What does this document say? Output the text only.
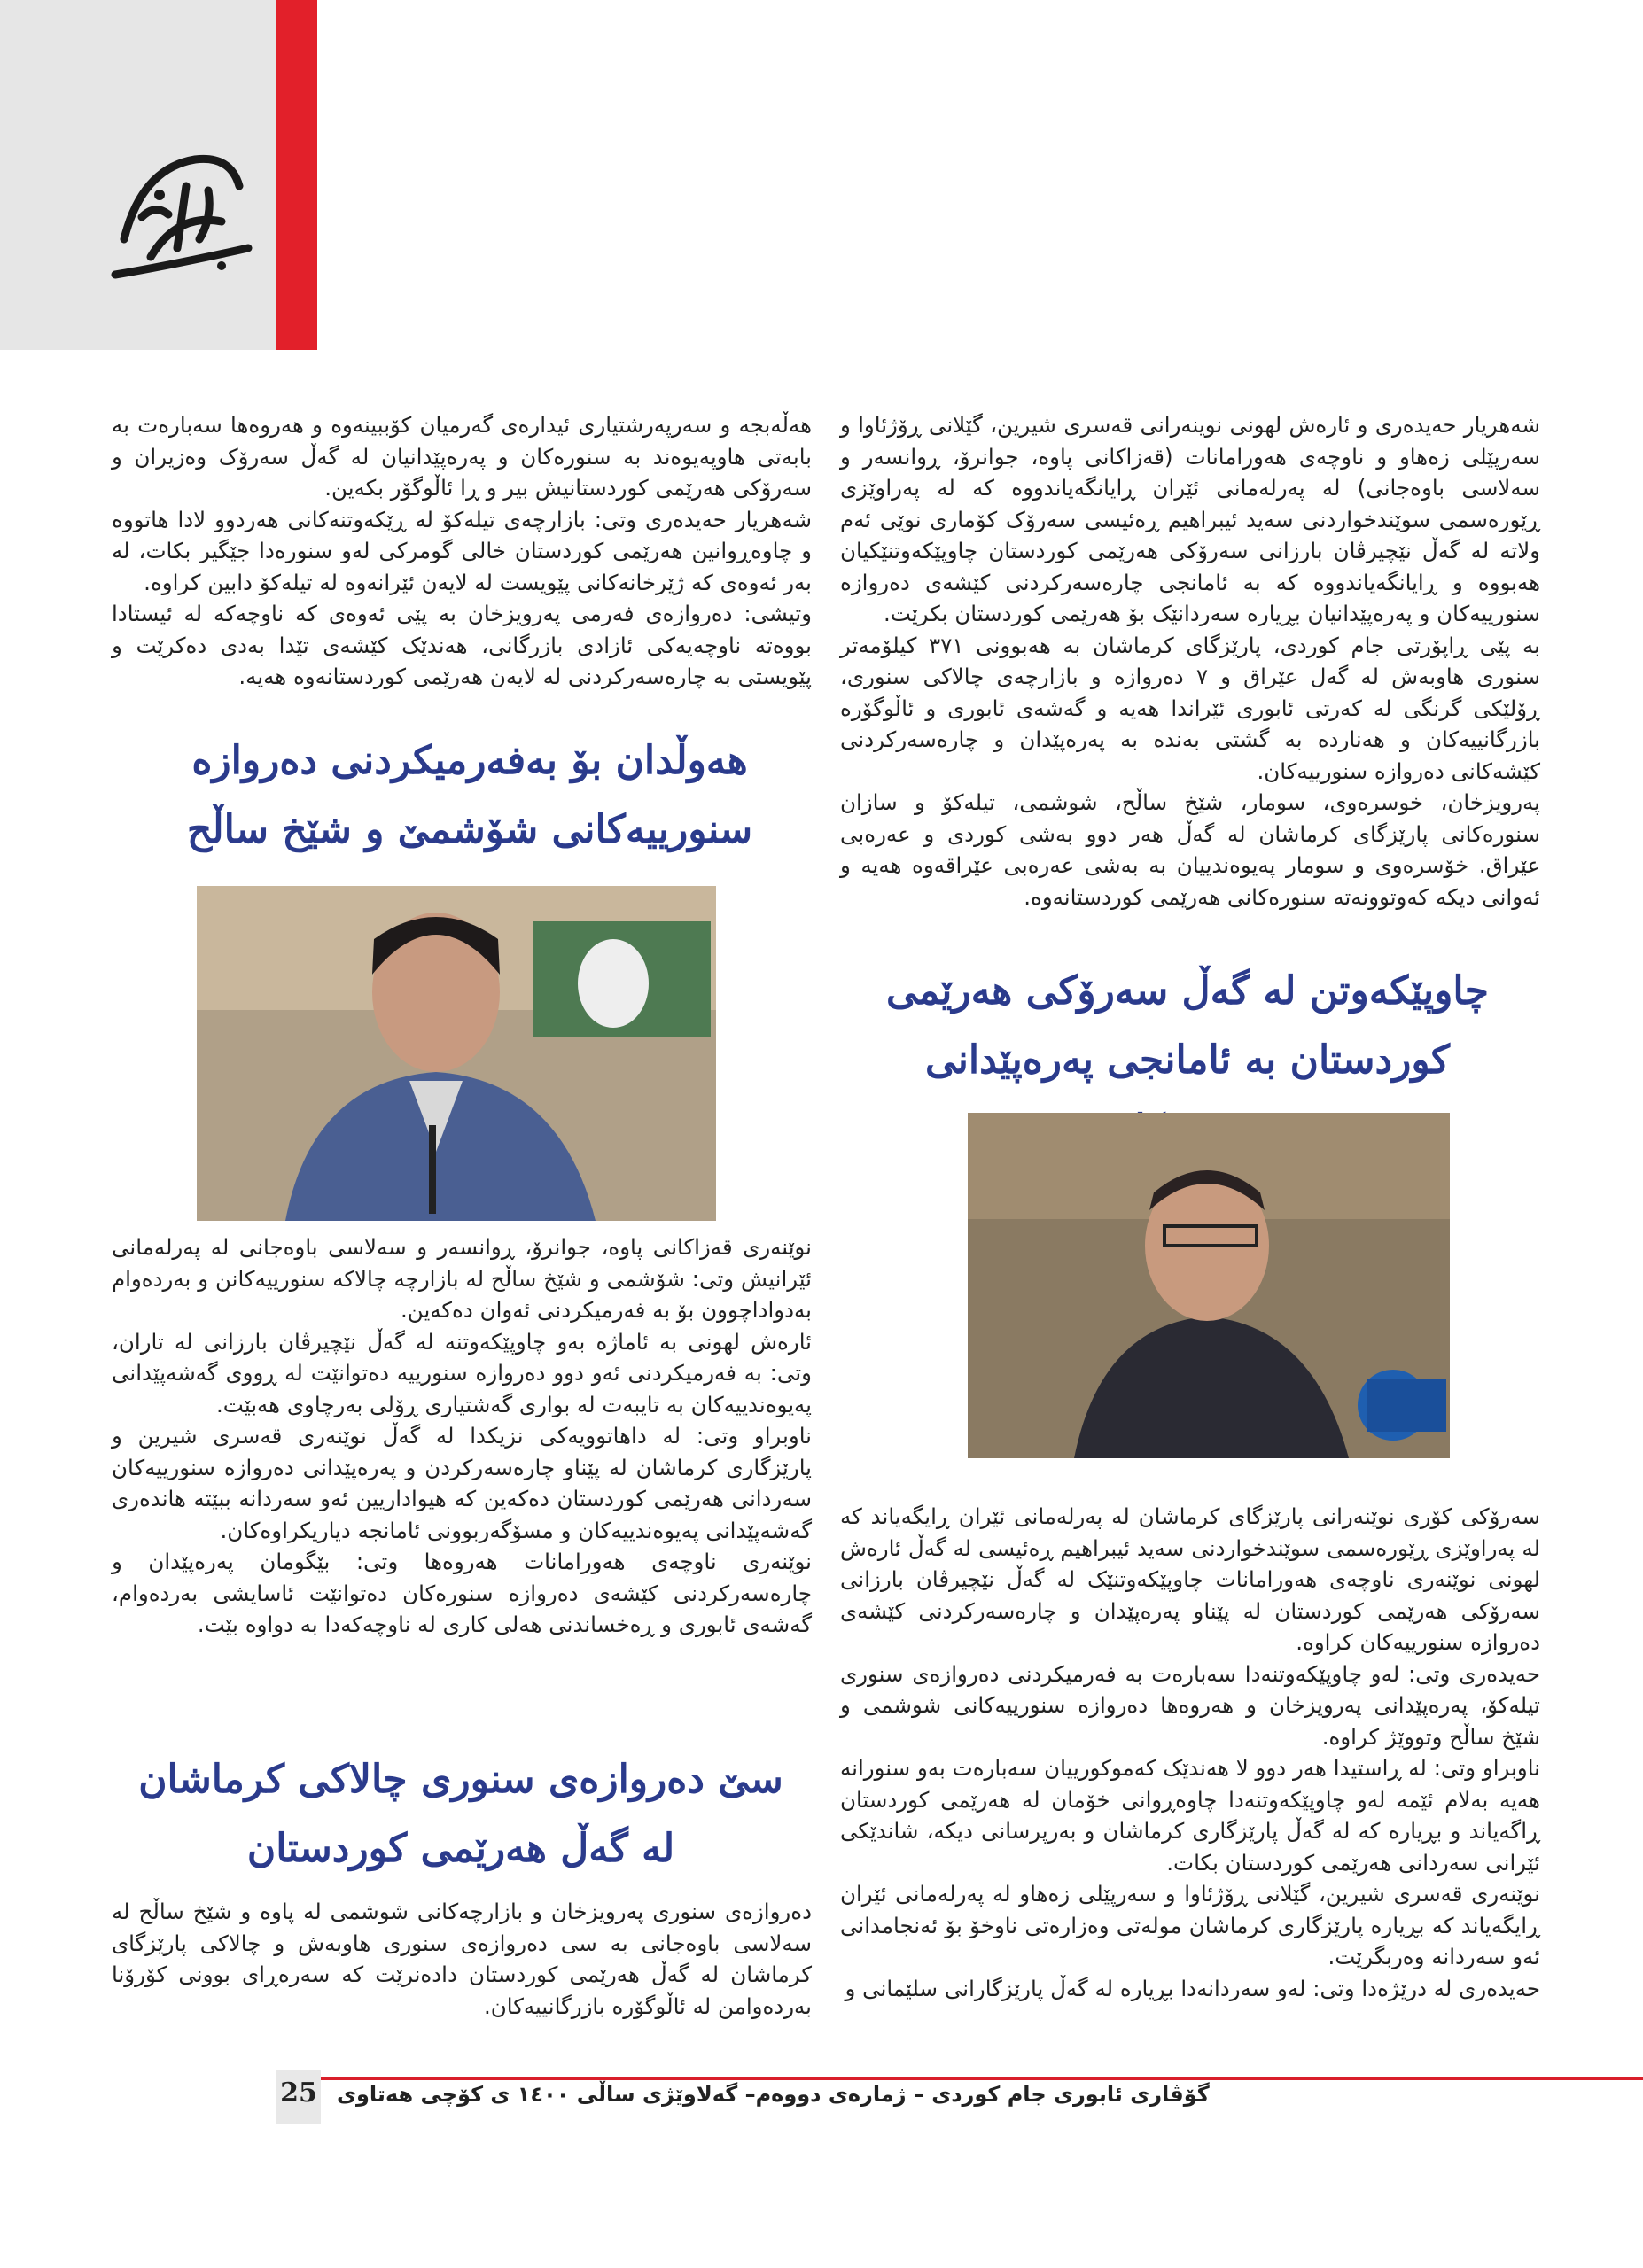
شەهریار حەیدەری و ئارەش لهونی نوینەرانی قەسری شیرین، گێلانی ڕۆژئاوا و سەرپێلی زەهاو و ناوچەی هەورامانات (قەزاکانی پاوە، جوانرۆ، ڕوانسەر و سەلاسی باوەجانی) لە پەرلەمانی ئێران ڕایانگەیاندووە کە لە پەراوێزی ڕێورەسمی سوێندخواردنی سەید ئیبراهیم ڕەئیسی سەرۆک کۆماری نوێی ئەم ولاتە لە گەڵ نێچیرڤان بارزانی سەرۆکی هەرێمی کوردستان چاوپێکەوتنێکیان هەبووە و ڕایانگەیاندووە کە بە ئامانجی چارەسەرکردنی کێشەی دەروازە سنورییەکان و پەرەپێدانیان بڕیارە سەردانێک بۆ هەرێمی کوردستان بکرێت.

بە پێی ڕاپۆرتی جام کوردی، پارێزگای کرماشان بە هەبوونی ٣٧١ کیلۆمەتر سنوری هاوبەش لە گەل عێراق و ٧ دەروازە و بازارچەی چالاکی سنوری، ڕۆلێکی گرنگی لە کەرتی ئابوری ئێراندا هەیە و گەشەی ئابوری و ئاڵوگۆرە بازرگانییەکان و هەناردە بە گشتی بەندە بە پەرەپێدان و چارەسەرکردنی کێشەکانی دەروازە سنورییەکان.

پەرویزخان، خوسرەوی، سومار، شێخ ساڵح، شوشمی، تیلەکۆ و سازان سنورەکانی پارێزگای کرماشان لە گەڵ هەر دوو بەشی کوردی و عەرەبی عێراق. خۆسرەوی و سومار پەیوەندییان بە بەشی عەرەبی عێراقەوە هەیە و ئەوانی دیکە کەوتوونەتە سنورەکانی هەرێمی کوردستانەوە.

چاوپێکەوتن لە گەڵ سەرۆکی هەرێمی کوردستان بە ئامانجی پەرەپێدانی

سەرۆکی کۆری نوێنەرانی پارێزگای کرماشان لە پەرلەمانی ئێران ڕایگەیاند کە لە پەراوێزی ڕێورەسمی سوێندخواردنی سەید ئیبراهیم ڕەئیسی لە گەڵ ئارەش لهونی نوێنەری ناوچەی هەورامانات چاوپێکەوتنێک لە گەڵ نێچیرڤان بارزانی سەرۆکی هەرێمی کوردستان لە پێناو پەرەپێدان و چارەسەرکردنی کێشەی دەروازە سنورییەکان کراوە.

حەیدەری وتی: لەو چاوپێکەوتنەدا سەبارەت بە فەرمیکردنی دەروازەی سنوری تیلەکۆ، پەرەپێدانی پەرویزخان و هەروەها دەروازە سنورییەکانی شوشمی و شێخ ساڵح وتووێژ کراوە.

ناوبراو وتی: لە ڕاستیدا هەر دوو لا هەندێک کەموکورییان سەبارەت بەو سنورانە هەیە بەلام ئێمە لەو چاوپێکەوتنەدا چاوەڕوانی خۆمان لە هەرێمی کوردستان ڕاگەیاند و بڕیارە کە لە گەڵ پارێزگاری کرماشان و بەرپرسانی دیکە، شاندێکی ئێرانی سەردانی هەرێمی کوردستان بکات.

نوێنەری قەسری شیرین، گێلانی ڕۆژئاوا و سەرپێلی زەهاو لە پەرلەمانی ئێران ڕایگەیاند کە بڕیارە پارێزگاری کرماشان مولەتی وەزارەتی ناوخۆ بۆ ئەنجامدانی ئەو سەردانە وەربگرێت.

حەیدەری لە درێژەدا وتی: لەو سەردانەدا بڕیارە لە گەڵ پارێزگارانی سلێمانی و

هەڵەبجە و سەرپەرشتیاری ئیدارەی گەرمیان کۆببینەوە و هەروەها سەبارەت بە بابەتی هاوپەیوەند بە سنورەکان و پەرەپێدانیان لە گەڵ سەرۆک وەزیران و سەرۆکی هەرێمی کوردستانیش بیر و ڕا ئاڵوگۆر بکەین.

شەهریار حەیدەری وتی: بازارچەی تیلەکۆ لە ڕێکەوتنەکانی هەردوو لادا هاتووە و چاوەڕوانین هەرێمی کوردستان خالی گومرکی لەو سنورەدا جێگیر بکات، لە بەر ئەوەی کە ژێرخانەکانی پێویست لە لایەن ئێرانەوە لە تیلەکۆ دابین کراوە.

وتیشی: دەروازەی فەرمی پەرویزخان بە پێی ئەوەی کە ناوچەکە لە ئیستادا بووەتە ناوچەیەکی ئازادی بازرگانی، هەندێک کێشەی تێدا بەدی دەکرێت و پێویستی بە چارەسەرکردنی لە لایەن هەرێمی کوردستانەوە هەیە.

هەوڵدان بۆ بەفەرمیکردنی دەروازە سنورییەکانی شۆشمێ و شێخ ساڵح

نوێنەری قەزاکانی پاوە، جوانرۆ، ڕوانسەر و سەلاسی باوەجانی لە پەرلەمانی ئێرانیش وتی: شۆشمی و شێخ ساڵح لە بازارچە چالاکە سنورییەکانن و بەردەوام بەدواداچوون بۆ بە فەرمیکردنی ئەوان دەکەین.

ئارەش لهونی بە ئاماژە بەو چاوپێکەوتنە لە گەڵ نێچیرڤان بارزانی لە تاران، وتی: بە فەرمیکردنی ئەو دوو دەروازە سنورییە دەتوانێت لە ڕووی گەشەپێدانی پەیوەندییەکان بە تایبەت لە بواری گەشتیاری ڕۆلی بەرچاوی هەبێت.

ناوبراو وتی: لە داهاتوویەکی نزیکدا لە گەڵ نوێنەری قەسری شیرین و پارێزگاری کرماشان لە پێناو چارەسەرکردن و پەرەپێدانی دەروازە سنورییەکان سەردانی هەرێمی کوردستان دەکەین کە هیواداریین ئەو سەردانە ببێتە هاندەری گەشەپێدانی پەیوەندییەکان و مسۆگەربوونی ئامانجە دیاریکراوەکان.

نوێنەری ناوچەی هەورامانات هەروەها وتی: بێگومان پەرەپێدان و چارەسەرکردنی کێشەی دەروازە سنورەکان دەتوانێت ئاسایشی بەردەوام، گەشەی ئابوری و ڕەخساندنی هەلی کاری لە ناوچەکەدا بە دواوە بێت.

سێ دەروازەی سنوری چالاکی کرماشان لە گەڵ هەرێمی کوردستان

دەروازەی سنوری پەرویزخان و بازارچەکانی شوشمی لە پاوە و شێخ ساڵح لە سەلاسی باوەجانی بە سی دەروازەی سنوری هاوبەش و چالاکی پارێزگای کرماشان لە گەڵ هەرێمی کوردستان دادەنرێت کە سەرەڕای بوونی کۆرۆنا بەردەوامن لە ئاڵوگۆرە بازرگانییەکان.

25 گۆڤاری ئابوری جام کوردی – ژمارەی دووەم– گەلاوێژی ساڵی ١٤٠٠ ی کۆچی هەتاوی
